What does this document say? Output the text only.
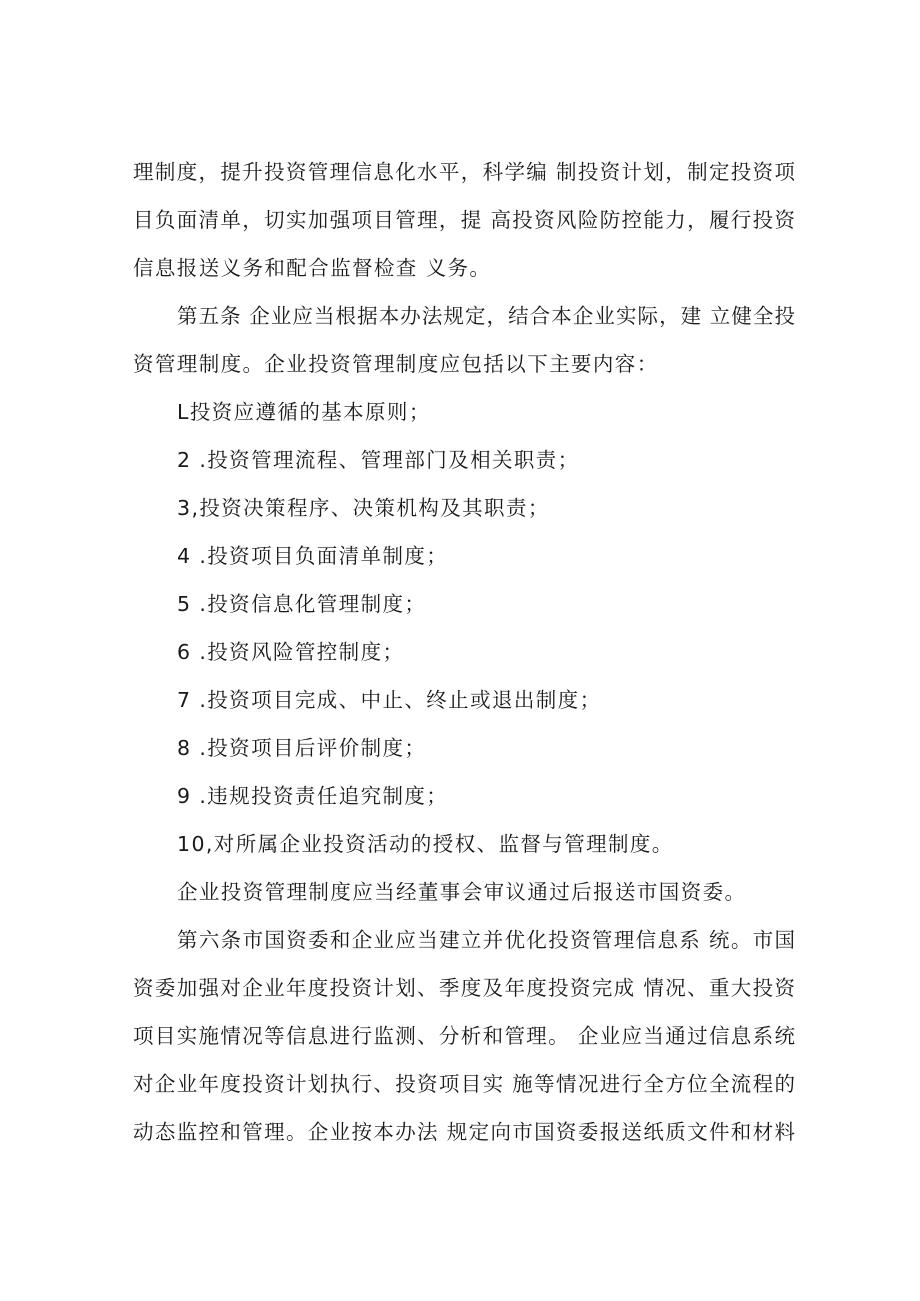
理制度，提升投资管理信息化水平，科学编 制投资计划，制定投资项
目负面清单，切实加强项目管理，提 高投资风险防控能力，履行投资
信息报送义务和配合监督检查 义务。
第五条 企业应当根据本办法规定，结合本企业实际，建 立健全投
资管理制度。企业投资管理制度应包括以下主要内容：
L投资应遵循的基本原则；
2 .投资管理流程、管理部门及相关职责；
3,投资决策程序、决策机构及其职责；
4 .投资项目负面清单制度；
5 .投资信息化管理制度；
6 .投资风险管控制度；
7 .投资项目完成、中止、终止或退出制度；
8 .投资项目后评价制度；
9 .违规投资责任追究制度；
10,对所属企业投资活动的授权、监督与管理制度。
企业投资管理制度应当经董事会审议通过后报送市国资委。
第六条市国资委和企业应当建立并优化投资管理信息系 统。市国
资委加强对企业年度投资计划、季度及年度投资完成 情况、重大投资
项目实施情况等信息进行监测、分析和管理。 企业应当通过信息系统
对企业年度投资计划执行、投资项目实 施等情况进行全方位全流程的
动态监控和管理。企业按本办法 规定向市国资委报送纸质文件和材料
